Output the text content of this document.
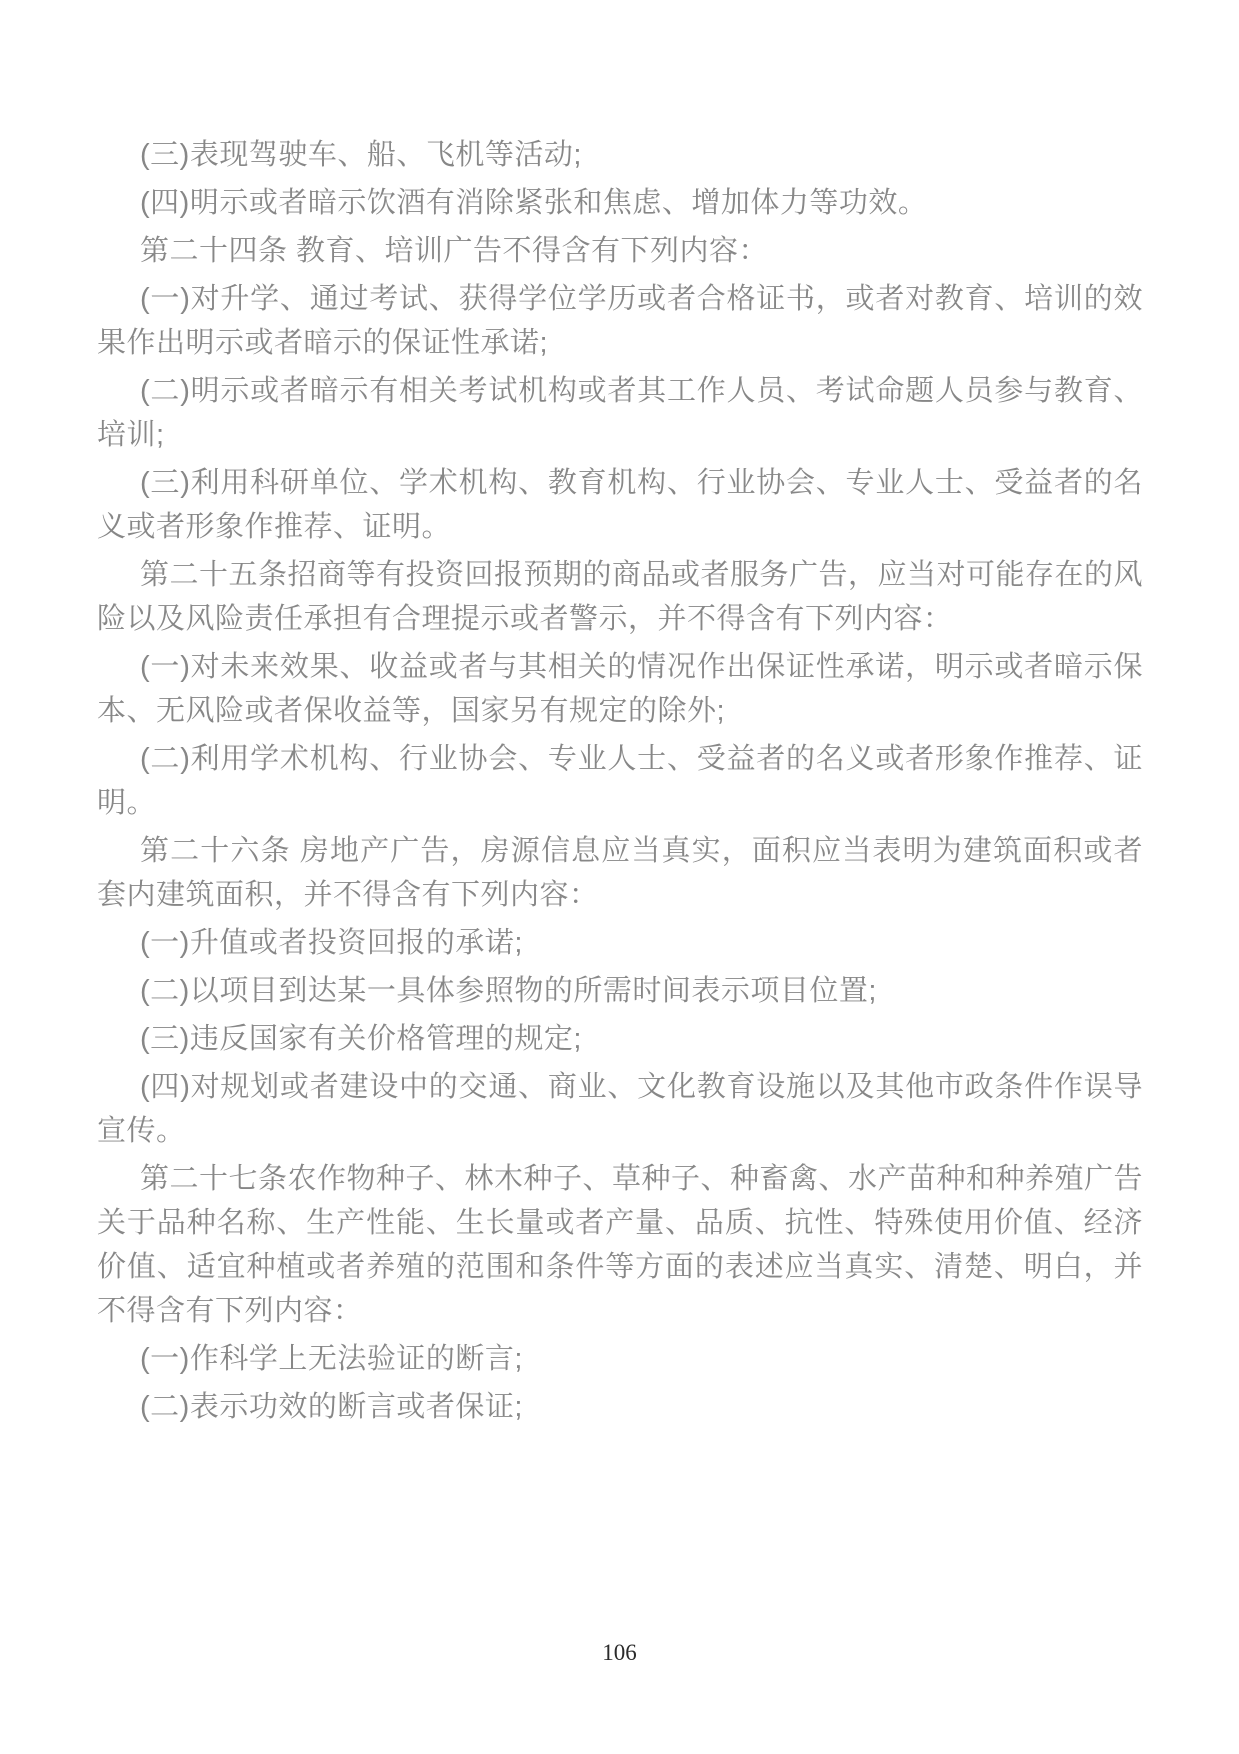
(三)表现驾驶车、船、飞机等活动;

(四)明示或者暗示饮酒有消除紧张和焦虑、增加体力等功效。

第二十四条 教育、培训广告不得含有下列内容：

(一)对升学、通过考试、获得学位学历或者合格证书，或者对教育、培训的效果作出明示或者暗示的保证性承诺;

(二)明示或者暗示有相关考试机构或者其工作人员、考试命题人员参与教育、培训;

(三)利用科研单位、学术机构、教育机构、行业协会、专业人士、受益者的名义或者形象作推荐、证明。

第二十五条招商等有投资回报预期的商品或者服务广告，应当对可能存在的风险以及风险责任承担有合理提示或者警示，并不得含有下列内容：

(一)对未来效果、收益或者与其相关的情况作出保证性承诺，明示或者暗示保本、无风险或者保收益等，国家另有规定的除外;

(二)利用学术机构、行业协会、专业人士、受益者的名义或者形象作推荐、证明。

第二十六条 房地产广告，房源信息应当真实，面积应当表明为建筑面积或者套内建筑面积，并不得含有下列内容：

(一)升值或者投资回报的承诺;

(二)以项目到达某一具体参照物的所需时间表示项目位置;

(三)违反国家有关价格管理的规定;

(四)对规划或者建设中的交通、商业、文化教育设施以及其他市政条件作误导宣传。

第二十七条农作物种子、林木种子、草种子、种畜禽、水产苗种和种养殖广告关于品种名称、生产性能、生长量或者产量、品质、抗性、特殊使用价值、经济价值、适宜种植或者养殖的范围和条件等方面的表述应当真实、清楚、明白，并不得含有下列内容：

(一)作科学上无法验证的断言;

(二)表示功效的断言或者保证;

106
